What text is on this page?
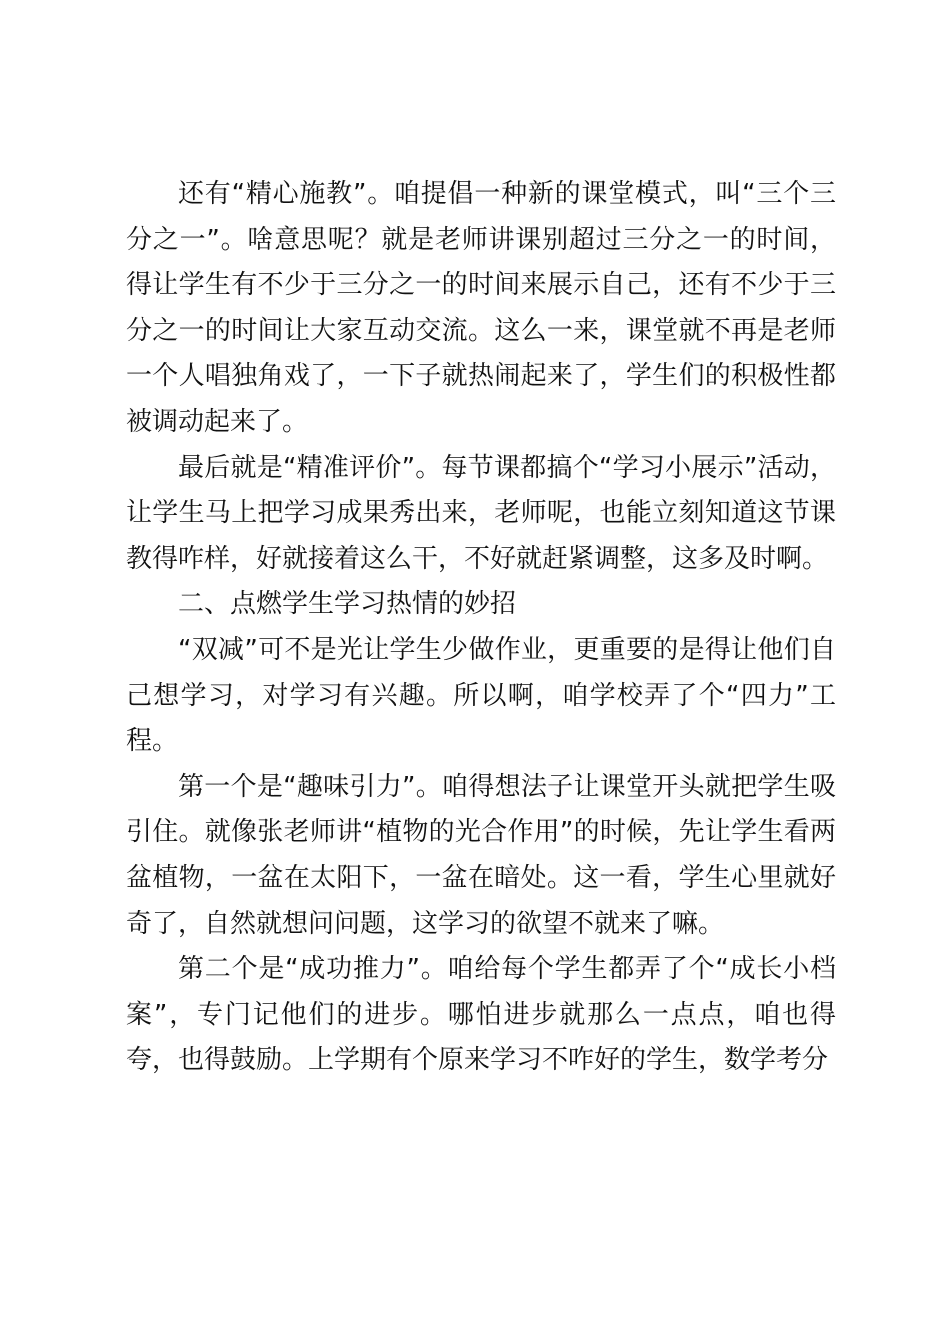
还有“精心施教”。咱提倡一种新的课堂模式，叫“三个三分之一”。啥意思呢？就是老师讲课别超过三分之一的时间，得让学生有不少于三分之一的时间来展示自己，还有不少于三分之一的时间让大家互动交流。这么一来，课堂就不再是老师一个人唱独角戏了，一下子就热闹起来了，学生们的积极性都被调动起来了。

最后就是“精准评价”。每节课都搞个“学习小展示”活动，让学生马上把学习成果秀出来，老师呢，也能立刻知道这节课教得咋样，好就接着这么干，不好就赶紧调整，这多及时啊。

二、点燃学生学习热情的妙招

“双减”可不是光让学生少做作业，更重要的是得让他们自己想学习，对学习有兴趣。所以啊，咱学校弄了个“四力”工程。

第一个是“趣味引力”。咱得想法子让课堂开头就把学生吸引住。就像张老师讲“植物的光合作用”的时候，先让学生看两盆植物，一盆在太阳下，一盆在暗处。这一看，学生心里就好奇了，自然就想问问题，这学习的欲望不就来了嘛。

第二个是“成功推力”。咱给每个学生都弄了个“成长小档案”，专门记他们的进步。哪怕进步就那么一点点，咱也得夸，也得鼓励。上学期有个原来学习不咋好的学生，数学考分
